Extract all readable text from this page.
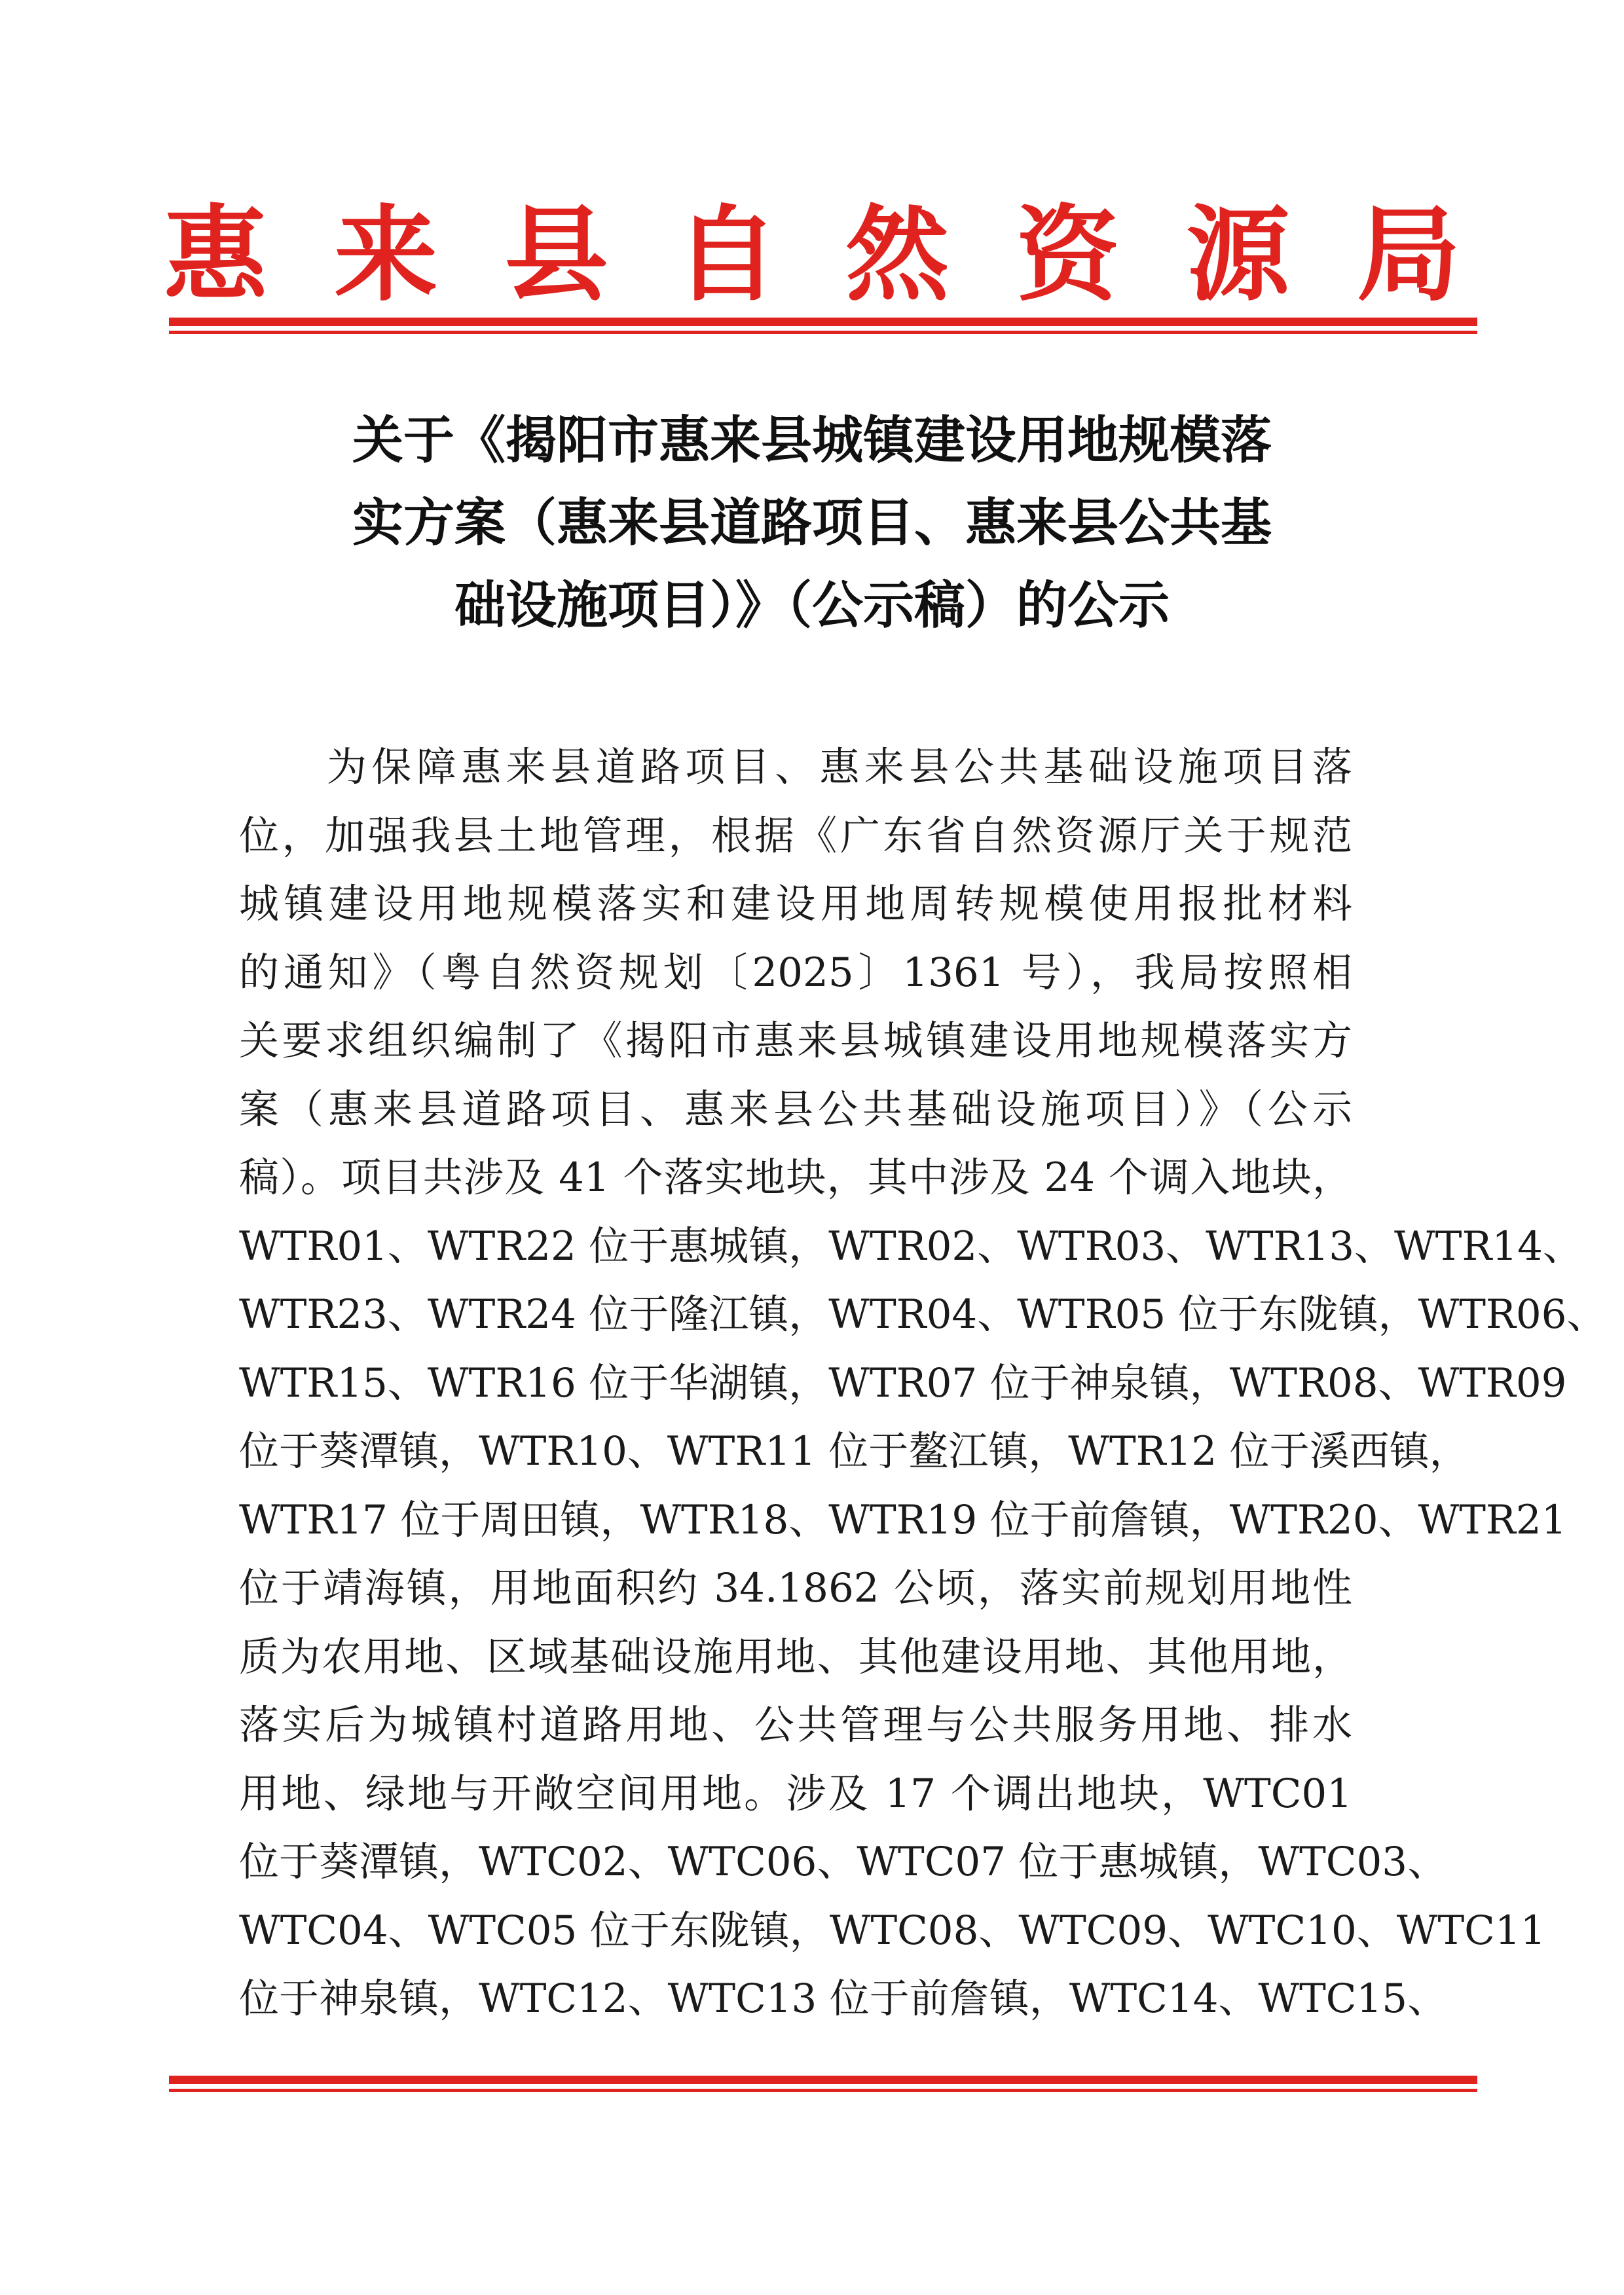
惠 来 县 自 然 资 源 局
关于《揭阳市惠来县城镇建设用地规模落
实方案（惠来县道路项目、惠来县公共基
础设施项目）》（公示稿）的公示
为保障惠来县道路项目、惠来县公共基础设施项目落
位，加强我县土地管理，根据《广东省自然资源厅关于规范
城镇建设用地规模落实和建设用地周转规模使用报批材料
的通知》（粤自然资规划〔2025〕1361 号），我局按照相
关要求组织编制了《揭阳市惠来县城镇建设用地规模落实方
案（惠来县道路项目、惠来县公共基础设施项目）》（公示
稿）。项目共涉及 41 个落实地块，其中涉及 24 个调入地块，
WTR01、WTR22 位于惠城镇，WTR02、WTR03、WTR13、WTR14、
WTR23、WTR24 位于隆江镇，WTR04、WTR05 位于东陇镇，WTR06、
WTR15、WTR16 位于华湖镇，WTR07 位于神泉镇，WTR08、WTR09
位于葵潭镇，WTR10、WTR11 位于鳌江镇，WTR12 位于溪西镇，
WTR17 位于周田镇，WTR18、WTR19 位于前詹镇，WTR20、WTR21
位于靖海镇，用地面积约 34.1862 公顷，落实前规划用地性
质为农用地、区域基础设施用地、其他建设用地、其他用地，
落实后为城镇村道路用地、公共管理与公共服务用地、排水
用地、绿地与开敞空间用地。涉及 17 个调出地块，WTC01
位于葵潭镇，WTC02、WTC06、WTC07 位于惠城镇，WTC03、
WTC04、WTC05 位于东陇镇，WTC08、WTC09、WTC10、WTC11
位于神泉镇，WTC12、WTC13 位于前詹镇，WTC14、WTC15、
